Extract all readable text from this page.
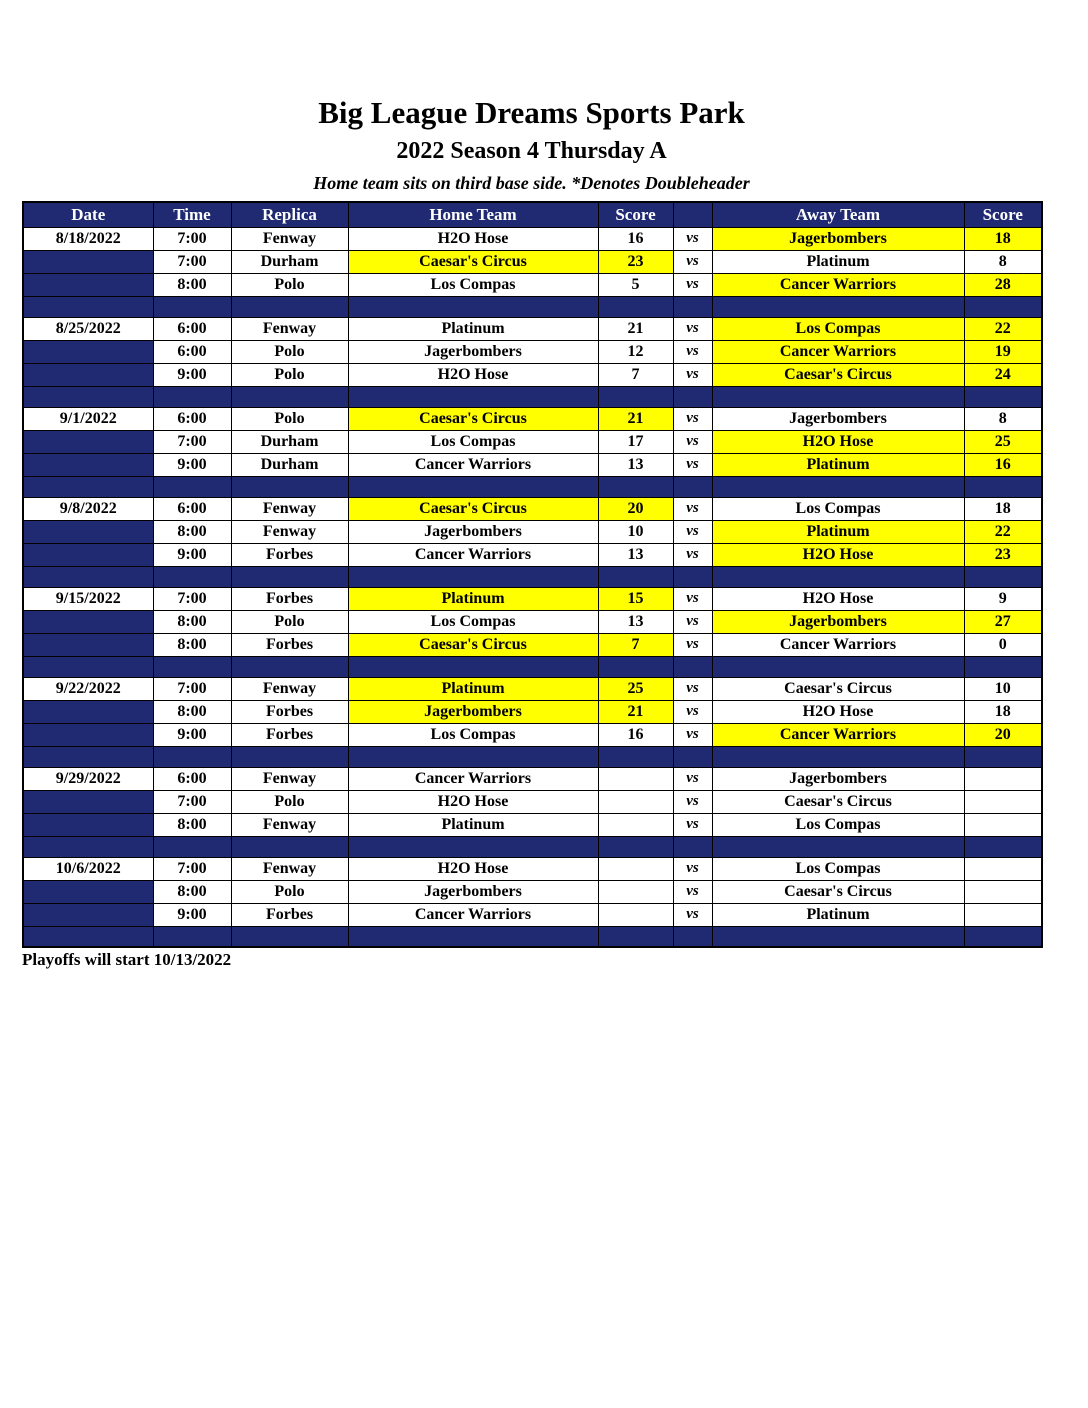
Big League Dreams Sports Park
2022 Season 4 Thursday A
Home team sits on third base side. *Denotes Doubleheader
Date	Time	Replica	Home Team	Score		Away Team	Score
8/18/2022	7:00	Fenway	H2O Hose	16	vs	Jagerbombers	18
	7:00	Durham	Caesar's Circus	23	vs	Platinum	8
	8:00	Polo	Los Compas	5	vs	Cancer Warriors	28

8/25/2022	6:00	Fenway	Platinum	21	vs	Los Compas	22
	6:00	Polo	Jagerbombers	12	vs	Cancer Warriors	19
	9:00	Polo	H2O Hose	7	vs	Caesar's Circus	24

9/1/2022	6:00	Polo	Caesar's Circus	21	vs	Jagerbombers	8
	7:00	Durham	Los Compas	17	vs	H2O Hose	25
	9:00	Durham	Cancer Warriors	13	vs	Platinum	16

9/8/2022	6:00	Fenway	Caesar's Circus	20	vs	Los Compas	18
	8:00	Fenway	Jagerbombers	10	vs	Platinum	22
	9:00	Forbes	Cancer Warriors	13	vs	H2O Hose	23

9/15/2022	7:00	Forbes	Platinum	15	vs	H2O Hose	9
	8:00	Polo	Los Compas	13	vs	Jagerbombers	27
	8:00	Forbes	Caesar's Circus	7	vs	Cancer Warriors	0

9/22/2022	7:00	Fenway	Platinum	25	vs	Caesar's Circus	10
	8:00	Forbes	Jagerbombers	21	vs	H2O Hose	18
	9:00	Forbes	Los Compas	16	vs	Cancer Warriors	20

9/29/2022	6:00	Fenway	Cancer Warriors		vs	Jagerbombers	
	7:00	Polo	H2O Hose		vs	Caesar's Circus	
	8:00	Fenway	Platinum		vs	Los Compas	

10/6/2022	7:00	Fenway	H2O Hose		vs	Los Compas	
	8:00	Polo	Jagerbombers		vs	Caesar's Circus	
	9:00	Forbes	Cancer Warriors		vs	Platinum	

Playoffs will start 10/13/2022
